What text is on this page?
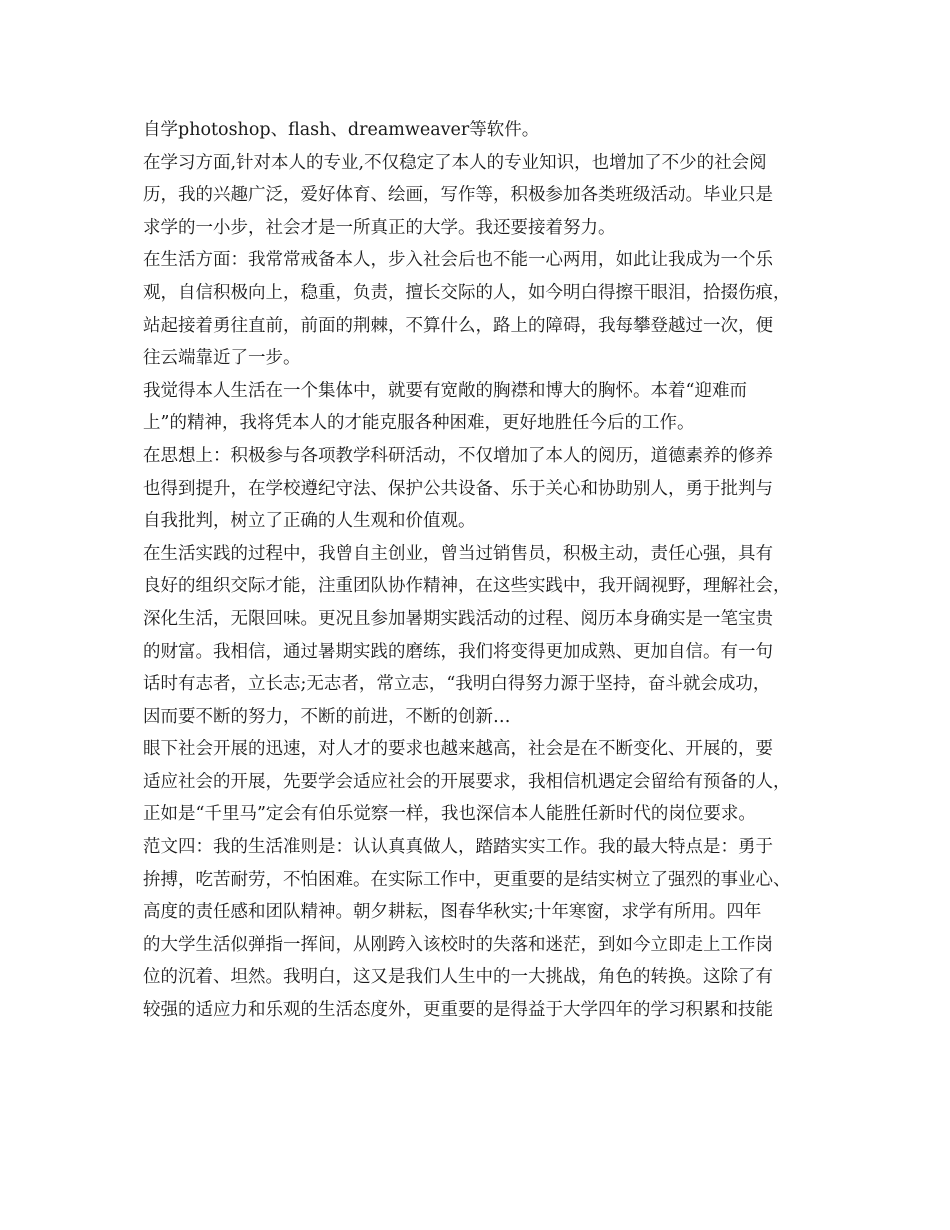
自学photoshop、flash、dreamweaver等软件。
在学习方面,针对本人的专业,不仅稳定了本人的专业知识，也增加了不少的社会阅
历，我的兴趣广泛，爱好体育、绘画，写作等，积极参加各类班级活动。毕业只是
求学的一小步，社会才是一所真正的大学。我还要接着努力。
在生活方面：我常常戒备本人，步入社会后也不能一心两用，如此让我成为一个乐
观，自信积极向上，稳重，负责，擅长交际的人，如今明白得擦干眼泪，拾掇伤痕，
站起接着勇往直前，前面的荆棘，不算什么，路上的障碍，我每攀登越过一次，便
往云端靠近了一步。
我觉得本人生活在一个集体中，就要有宽敞的胸襟和博大的胸怀。本着“迎难而
上”的精神，我将凭本人的才能克服各种困难，更好地胜任今后的工作。
在思想上：积极参与各项教学科研活动，不仅增加了本人的阅历，道德素养的修养
也得到提升，在学校遵纪守法、保护公共设备、乐于关心和协助别人，勇于批判与
自我批判，树立了正确的人生观和价值观。
在生活实践的过程中，我曾自主创业，曾当过销售员，积极主动，责任心强，具有
良好的组织交际才能，注重团队协作精神，在这些实践中，我开阔视野，理解社会，
深化生活，无限回味。更况且参加暑期实践活动的过程、阅历本身确实是一笔宝贵
的财富。我相信，通过暑期实践的磨练，我们将变得更加成熟、更加自信。有一句
话时有志者，立长志;无志者，常立志，“我明白得努力源于坚持，奋斗就会成功，
因而要不断的努力，不断的前进，不断的创新…
眼下社会开展的迅速，对人才的要求也越来越高，社会是在不断变化、开展的，要
适应社会的开展，先要学会适应社会的开展要求，我相信机遇定会留给有预备的人，
正如是“千里马”定会有伯乐觉察一样，我也深信本人能胜任新时代的岗位要求。
范文四：我的生活准则是：认认真真做人，踏踏实实工作。我的最大特点是：勇于
拚搏，吃苦耐劳，不怕困难。在实际工作中，更重要的是结实树立了强烈的事业心、
高度的责任感和团队精神。朝夕耕耘，图春华秋实;十年寒窗，求学有所用。四年
的大学生活似弹指一挥间，从刚跨入该校时的失落和迷茫，到如今立即走上工作岗
位的沉着、坦然。我明白，这又是我们人生中的一大挑战，角色的转换。这除了有
较强的适应力和乐观的生活态度外，更重要的是得益于大学四年的学习积累和技能
